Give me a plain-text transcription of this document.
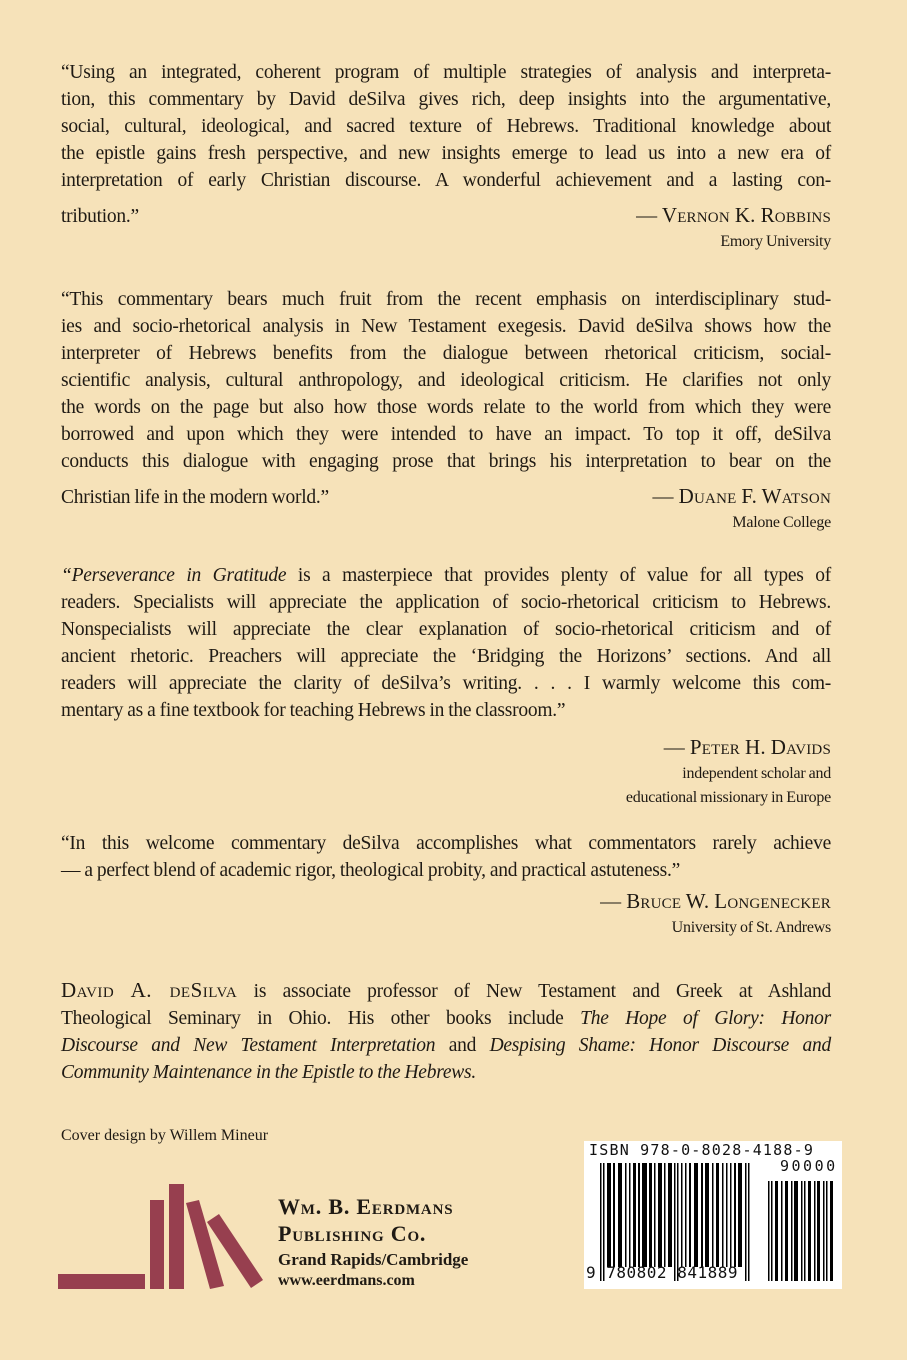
“Using an integrated, coherent program of multiple strategies of analysis and interpreta-
tion, this commentary by David deSilva gives rich, deep insights into the argumentative,
social, cultural, ideological, and sacred texture of Hebrews. Traditional knowledge about
the epistle gains fresh perspective, and new insights emerge to lead us into a new era of
interpretation of early Christian discourse. A wonderful achievement and a lasting con-
tribution.”	— Vernon K. Robbins
Emory University
“This commentary bears much fruit from the recent emphasis on interdisciplinary stud-
ies and socio-rhetorical analysis in New Testament exegesis. David deSilva shows how the
interpreter of Hebrews benefits from the dialogue between rhetorical criticism, social-
scientific analysis, cultural anthropology, and ideological criticism. He clarifies not only
the words on the page but also how those words relate to the world from which they were
borrowed and upon which they were intended to have an impact. To top it off, deSilva
conducts this dialogue with engaging prose that brings his interpretation to bear on the
Christian life in the modern world.”	— Duane F. Watson
Malone College
“Perseverance in Gratitude is a masterpiece that provides plenty of value for all types of
readers. Specialists will appreciate the application of socio-rhetorical criticism to Hebrews.
Nonspecialists will appreciate the clear explanation of socio-rhetorical criticism and of
ancient rhetoric. Preachers will appreciate the ‘Bridging the Horizons’ sections. And all
readers will appreciate the clarity of deSilva’s writing. . . . I warmly welcome this com-
mentary as a fine textbook for teaching Hebrews in the classroom.”
— Peter H. Davids
independent scholar and
educational missionary in Europe
“In this welcome commentary deSilva accomplishes what commentators rarely achieve
— a perfect blend of academic rigor, theological probity, and practical astuteness.”
— Bruce W. Longenecker
University of St. Andrews
David A. deSilva is associate professor of New Testament and Greek at Ashland
Theological Seminary in Ohio. His other books include The Hope of Glory: Honor
Discourse and New Testament Interpretation and Despising Shame: Honor Discourse and
Community Maintenance in the Epistle to the Hebrews.
Cover design by Willem Mineur
Wm. B. Eerdmans
Publishing Co.
Grand Rapids/Cambridge
www.eerdmans.com
ISBN 978-0-8028-4188-9
90000
9 780802 841889
